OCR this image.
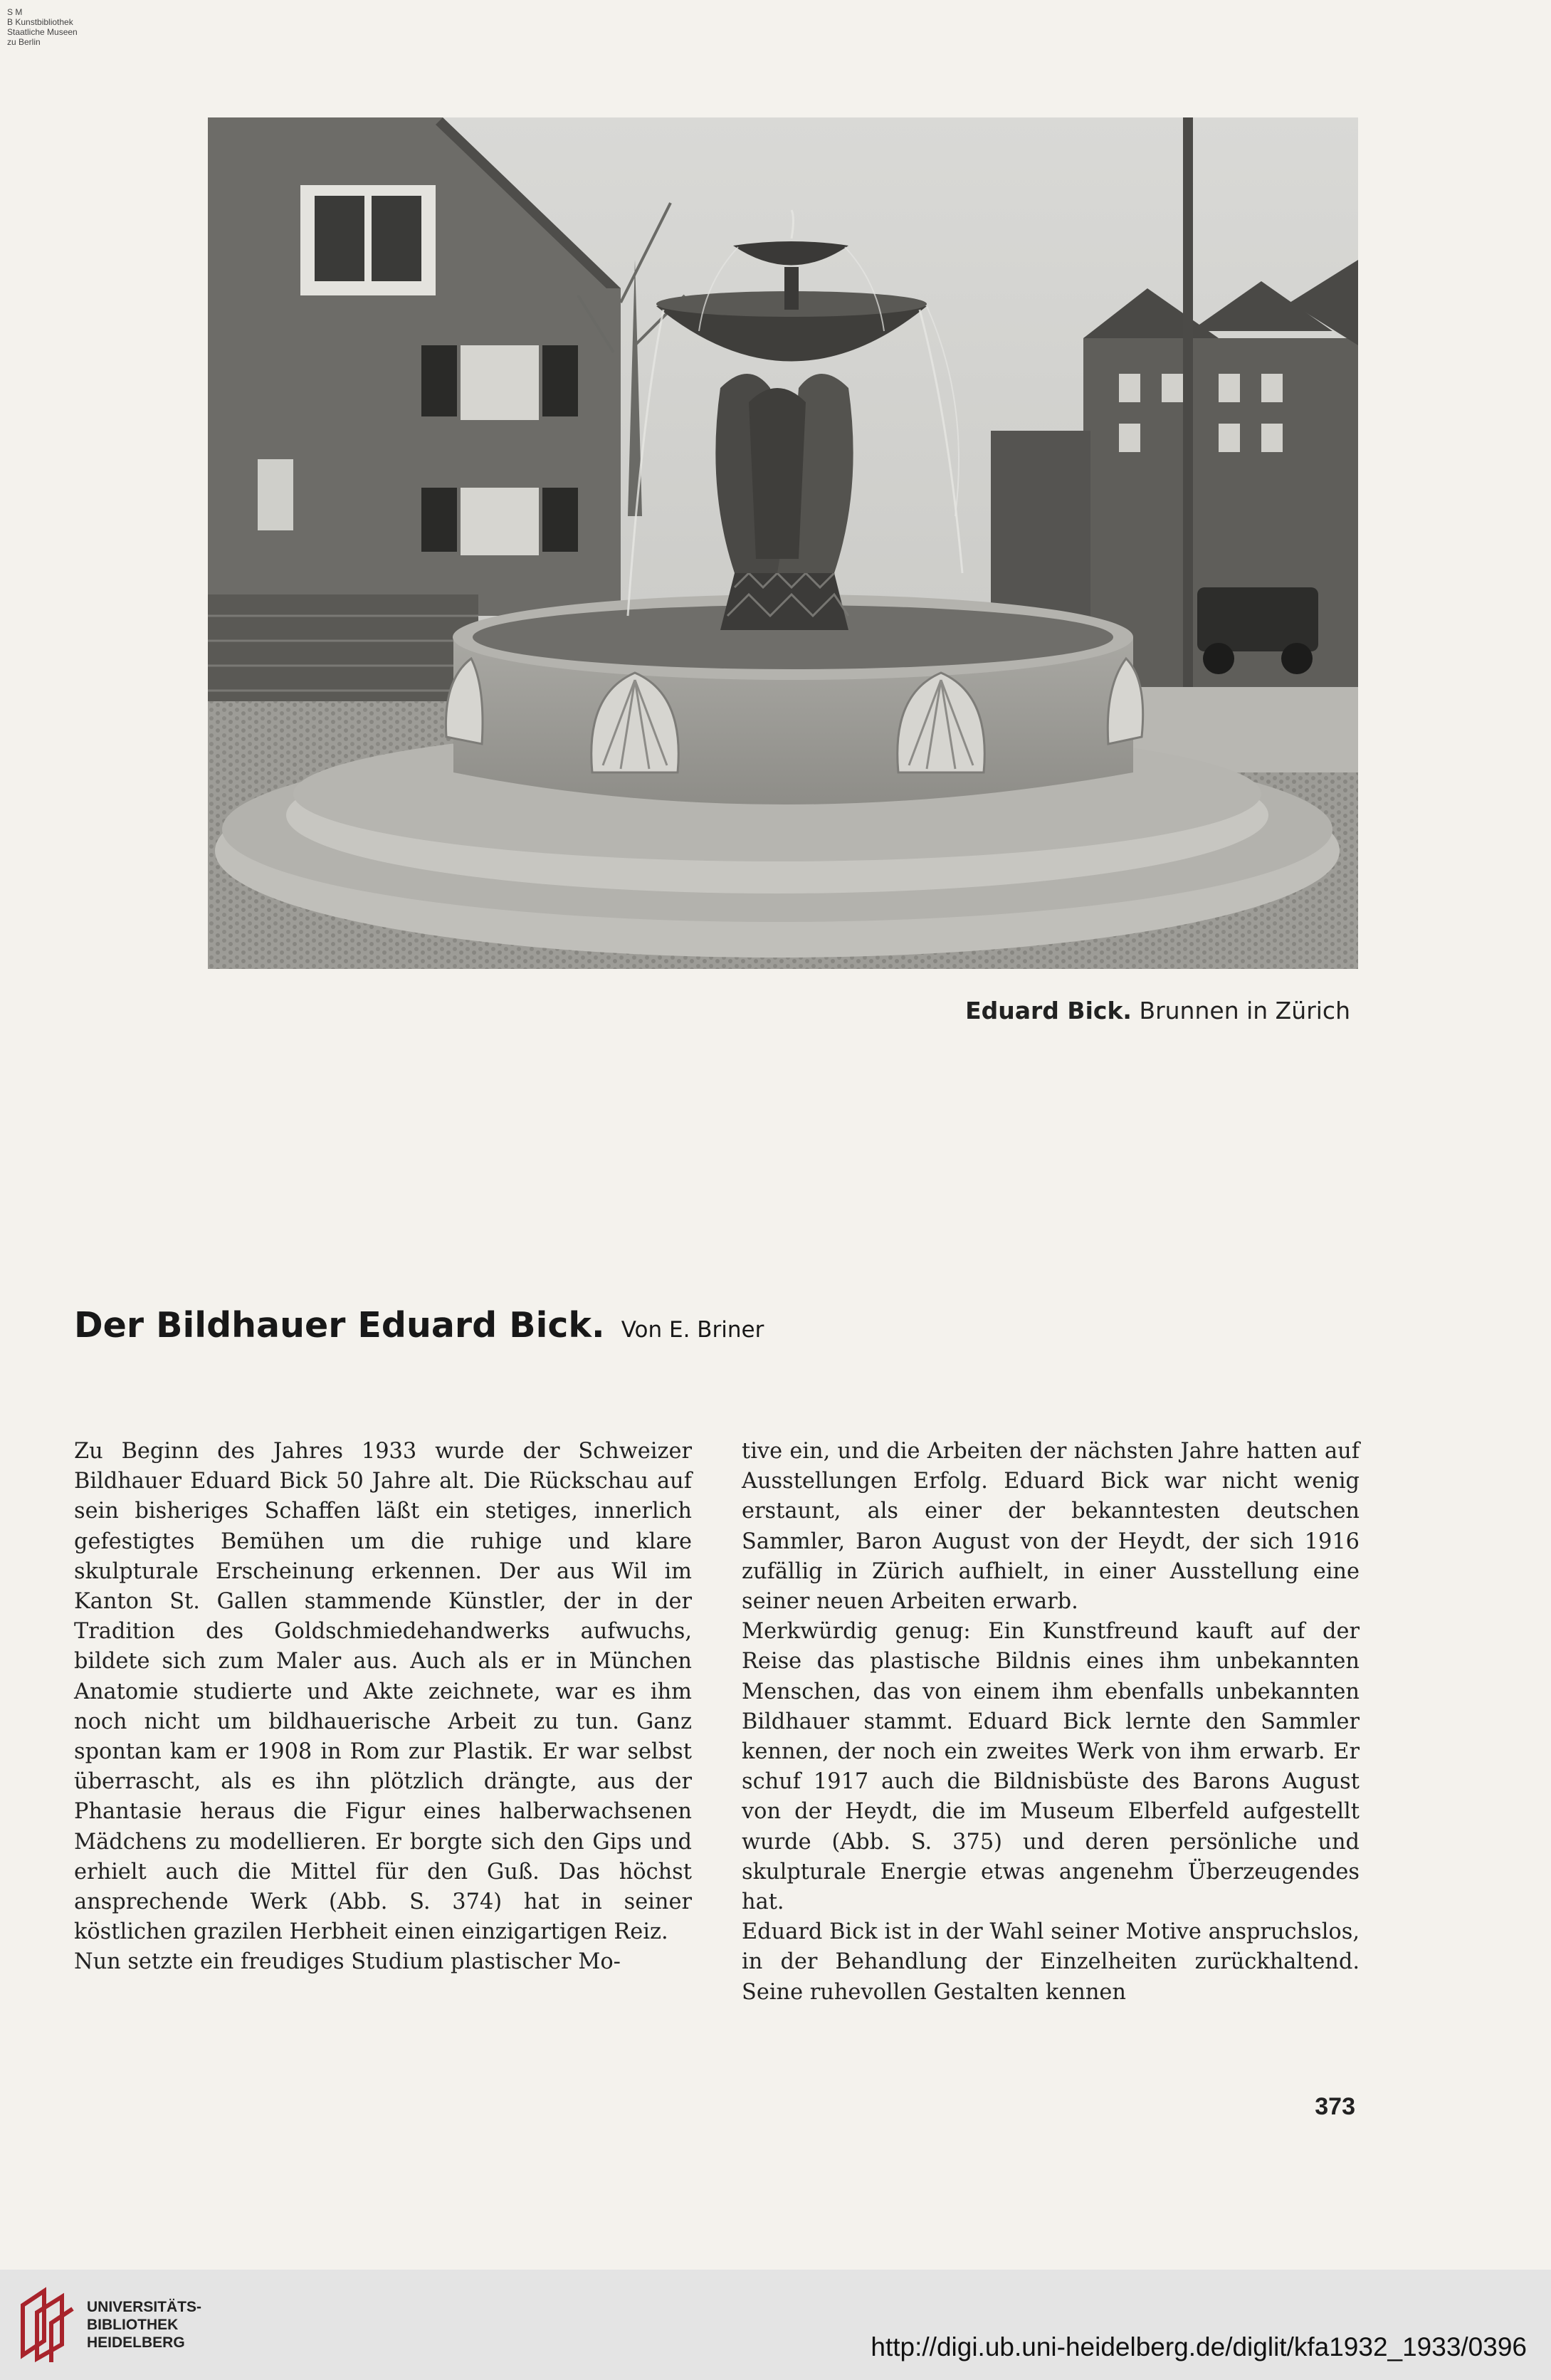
S M
B Kunstbibliothek
Staatliche Museen
zu Berlin
Eduard Bick. Brunnen in Zürich
Der Bildhauer Eduard Bick. Von E. Briner

Zu Beginn des Jahres 1933 wurde der Schweizer Bildhauer Eduard Bick 50 Jahre alt. Die Rückschau auf sein bisheriges Schaffen läßt ein stetiges, innerlich gefestigtes Bemühen um die ruhige und klare skulpturale Erscheinung erkennen. Der aus Wil im Kanton St. Gallen stammende Künstler, der in der Tradition des Goldschmiedehandwerks aufwuchs, bildete sich zum Maler aus. Auch als er in München Anatomie studierte und Akte zeichnete, war es ihm noch nicht um bildhauerische Arbeit zu tun. Ganz spontan kam er 1908 in Rom zur Plastik. Er war selbst überrascht, als es ihn plötzlich drängte, aus der Phantasie heraus die Figur eines halberwachsenen Mädchens zu modellieren. Er borgte sich den Gips und erhielt auch die Mittel für den Guß. Das höchst ansprechende Werk (Abb. S. 374) hat in seiner köstlichen grazilen Herbheit einen einzigartigen Reiz.

Nun setzte ein freudiges Studium plastischer Mo-

tive ein, und die Arbeiten der nächsten Jahre hatten auf Ausstellungen Erfolg. Eduard Bick war nicht wenig erstaunt, als einer der bekanntesten deutschen Sammler, Baron August von der Heydt, der sich 1916 zufällig in Zürich aufhielt, in einer Ausstellung eine seiner neuen Arbeiten erwarb.

Merkwürdig genug: Ein Kunstfreund kauft auf der Reise das plastische Bildnis eines ihm unbekannten Menschen, das von einem ihm ebenfalls unbekannten Bildhauer stammt. Eduard Bick lernte den Sammler kennen, der noch ein zweites Werk von ihm erwarb. Er schuf 1917 auch die Bildnisbüste des Barons August von der Heydt, die im Museum Elberfeld aufgestellt wurde (Abb. S. 375) und deren persönliche und skulpturale Energie etwas angenehm Überzeugendes hat.

Eduard Bick ist in der Wahl seiner Motive anspruchslos, in der Behandlung der Einzelheiten zurückhaltend. Seine ruhevollen Gestalten kennen

373
UNIVERSITÄTS-
BIBLIOTHEK
HEIDELBERG	http://digi.ub.uni-heidelberg.de/diglit/kfa1932_1933/0396
